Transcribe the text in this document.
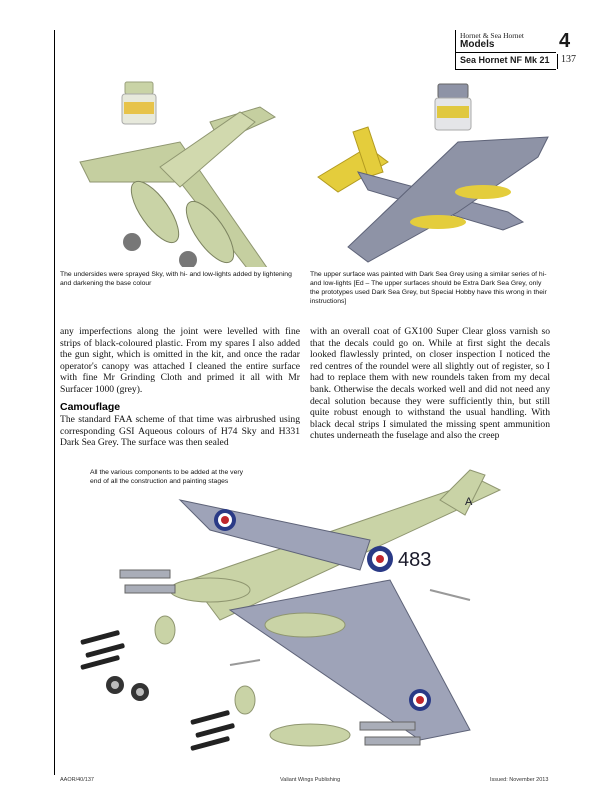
Hornet & Sea Hornet
Models	4
Sea Hornet NF Mk 21	137
The undersides were sprayed Sky, with hi- and low-lights added by lightening and darkening the base colour
The upper surface was painted with Dark Sea Grey using a similar series of hi- and low-lights [Ed – The upper surfaces should be Extra Dark Sea Grey, only the prototypes used Dark Sea Grey, but Special Hobby have this wrong in their instructions]

any imperfections along the joint were levelled with fine strips of black-coloured plastic. From my spares I also added the gun sight, which is omitted in the kit, and once the radar operator's canopy was attached I cleaned the entire surface with fine Mr Grinding Cloth and primed it all with Mr Surfacer 1000 (grey).

Camouflage

The standard FAA scheme of that time was airbrushed using corresponding GSI Aqueous colours of H74 Sky and H331 Dark Sea Grey. The surface was then sealed

with an overall coat of GX100 Super Clear gloss varnish so that the decals could go on. While at first sight the decals looked flawlessly printed, on closer inspection I noticed the red centres of the roundel were all slightly out of register, so I had to replace them with new roundels taken from my decal bank. Otherwise the decals worked well and did not need any decal solution because they were sufficiently thin, but still quite robust enough to withstand the usual handling. With black decal strips I simulated the missing spent ammunition chutes underneath the fuselage and also the creep

483
A
All the various components to be added at the very end of all the construction and painting stages
AAOR/40/137	Valiant Wings Publishing	Issued: November 2013
